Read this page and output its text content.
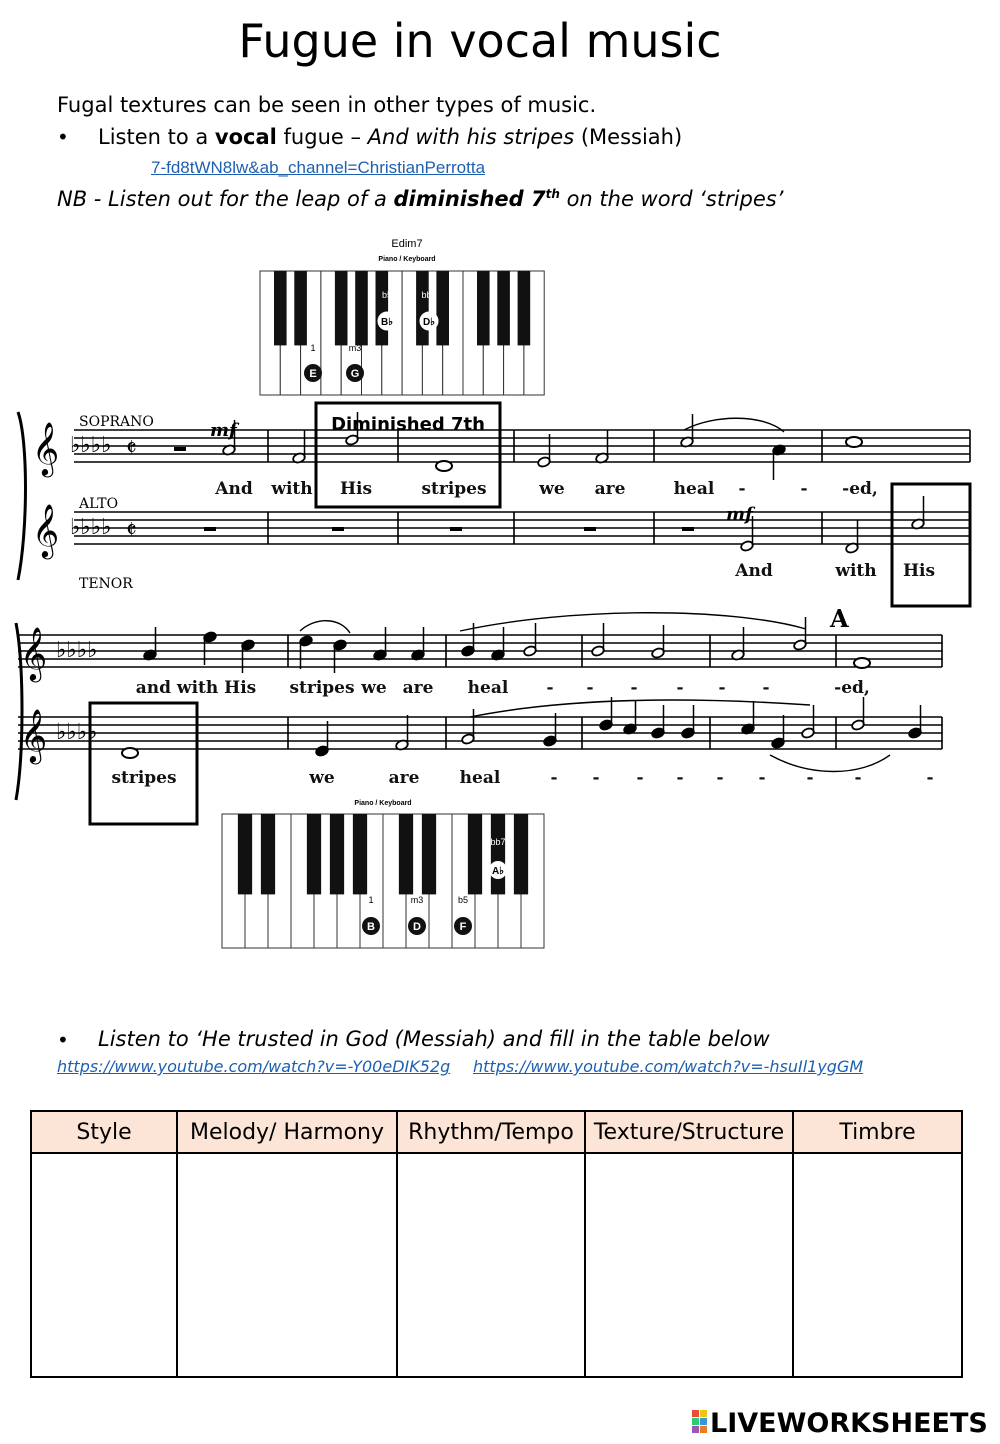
Fugue in vocal music
Fugal textures can be seen in other types of music.
• Listen to a vocal fugue – And with his stripes (Messiah)
7-fd8tWN8lw&ab_channel=ChristianPerrotta
NB - Listen out for the leap of a diminished 7th on the word ‘stripes’
Edim7
Piano / Keyboard
1	m3
b5	bb7
E	G
B♭	D♭
SOPRANO
ALTO
TENOR
𝄞
𝄞
♭♭♭♭
♭♭♭♭
𝄵
𝄵
mf
mf
Diminished 7th
And with His	stripes	we are	heal -	- -ed,
And	with His
𝄞
𝄞
♭♭♭♭
♭♭♭♭
A
and with His stripes we are heal - - - - - -	-ed,
stripes	we	are heal	- - - - - - - -	-
Piano / Keyboard
1	m3	b5
bb7
B	D	F
A♭
• Listen to ‘He trusted in God (Messiah) and fill in the table below
https://www.youtube.com/watch?v=-Y00eDIK52g https://www.youtube.com/watch?v=-hsuIl1ygGM
Style	Melody/ Harmony	Rhythm/Tempo	Texture/Structure	Timbre

LIVEWORKSHEETS
